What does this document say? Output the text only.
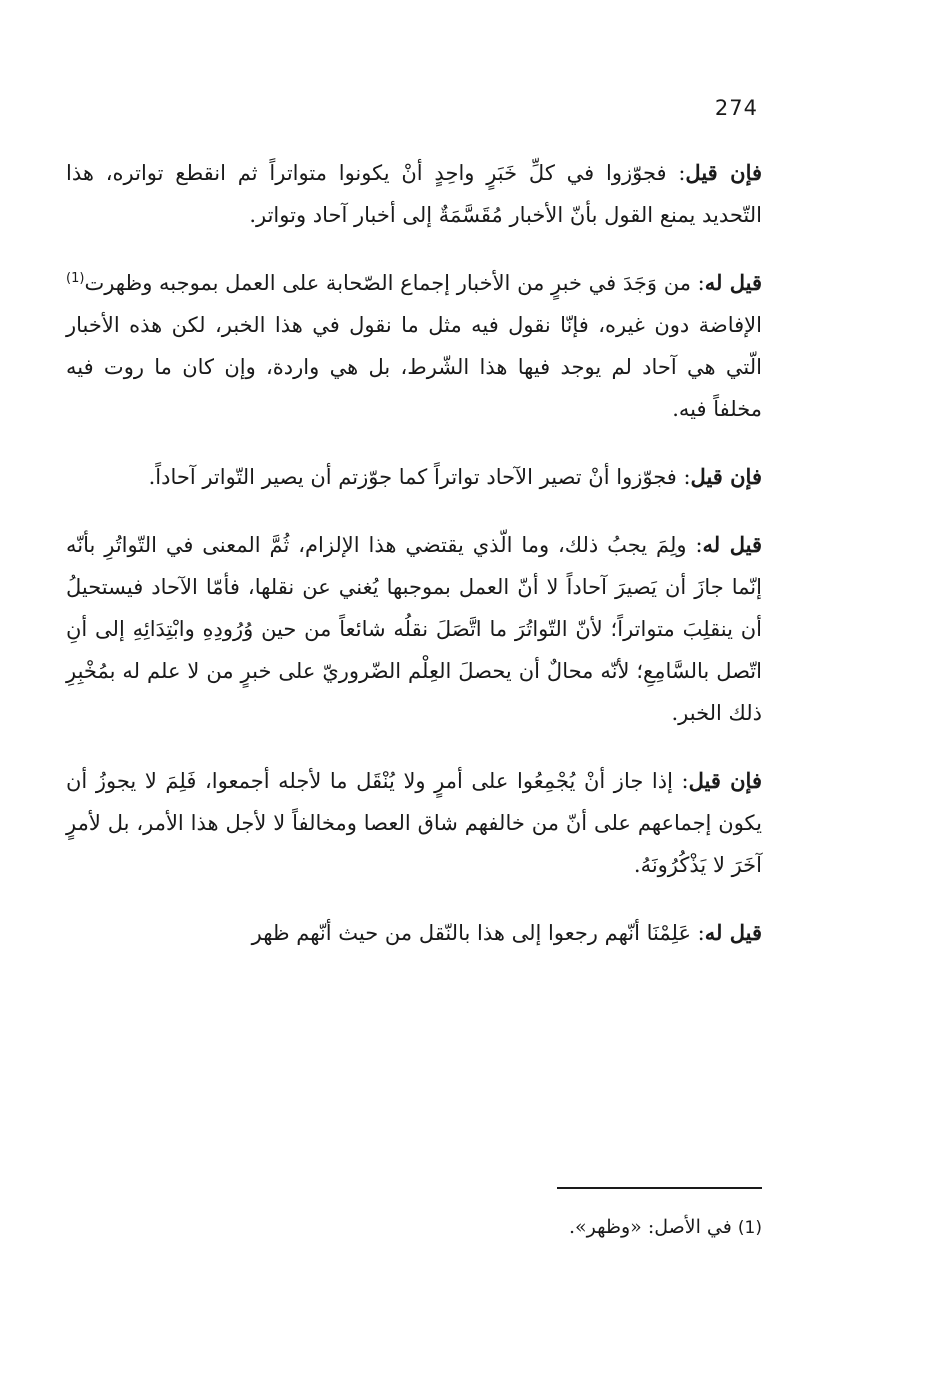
274

فإن قيل: فجوّزوا في كلِّ خَبَرٍ واحِدٍ أنْ يكونوا متواتراً ثم انقطع تواتره، هذا التّحديد يمنع القول بأنّ الأخبار مُقَسَّمَةٌ إلى أخبار آحاد وتواتر.

قيل له: من وَجَدَ في خبرٍ من الأخبار إجماع الصّحابة على العمل بموجبه وظهرت$^{(1)}$ الإفاضة دون غيره، فإنّا نقول فيه مثل ما نقول في هذا الخبر، لكن هذه الأخبار الّتي هي آحاد لم يوجد فيها هذا الشّرط، بل هي واردة، وإن كان ما روت فيه مخلفاً فيه.

فإن قيل: فجوّزوا أنْ تصير الآحاد تواتراً كما جوّزتم أن يصير التّواتر آحاداً.

قيل له: ولِمَ يجبُ ذلك، وما الّذي يقتضي هذا الإلزام، ثُمَّ المعنى في التّواتُرِ بأنّه إنّما جازَ أن يَصيرَ آحاداً لا أنّ العمل بموجبها يُغني عن نقلها، فأمّا الآحاد فيستحيلُ أن ينقلِبَ متواتراً؛ لأنّ التّواتُرَ ما اتَّصَلَ نقلُه شائعاً من حين وُرُودِهِ وابْتِدَائِهِ إلى أنِ اتّصل بالسَّامِعِ؛ لأنّه محالٌ أن يحصلَ العِلْم الضّروريّ على خبرٍ من لا علم له بمُخْبِرِ ذلك الخبر.

فإن قيل: إذا جاز أنْ يُجْمِعُوا على أمرٍ ولا يُنْقَل ما لأجله أجمعوا، فَلِمَ لا يجوزُ أن يكون إجماعهم على أنّ من خالفهم شاق العصا ومخالفاً لا لأجل هذا الأمر، بل لأمرٍ آخَرَ لا يَذْكُرُونَهُ.

قيل له: عَلِمْنَا أنّهم رجعوا إلى هذا بالنّقل من حيث أنّهم ظهر

(1) في الأصل: «وظهر».
